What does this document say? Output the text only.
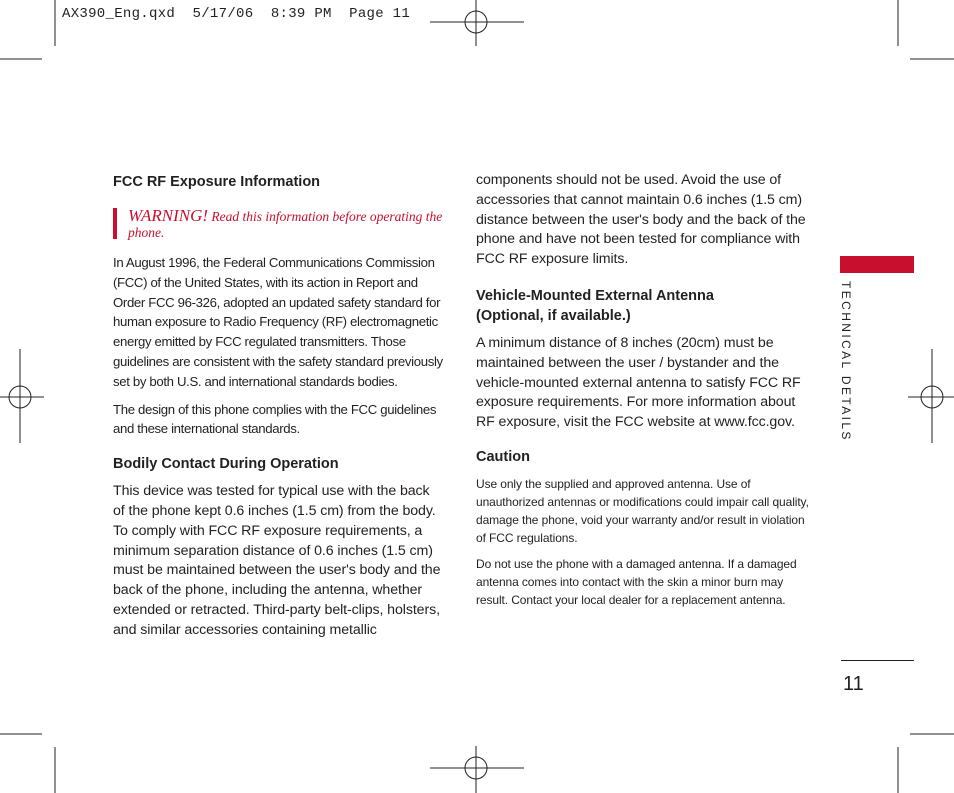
AX390_Eng.qxd  5/17/06  8:39 PM  Page 11
FCC RF Exposure Information
WARNING! Read this information before operating the phone.

In August 1996, the Federal Communications Commission (FCC) of the United States, with its action in Report and Order FCC 96-326, adopted an updated safety standard for human exposure to Radio Frequency (RF) electromagnetic energy emitted by FCC regulated transmitters. Those guidelines are consistent with the safety standard previously set by both U.S. and international standards bodies.

The design of this phone complies with the FCC guidelines and these international standards.

Bodily Contact During Operation

This device was tested for typical use with the back of the phone kept 0.6 inches (1.5 cm) from the body. To comply with FCC RF exposure requirements, a minimum separation distance of 0.6 inches (1.5 cm) must be maintained between the user's body and the back of the phone, including the antenna, whether extended or retracted. Third-party belt-clips, holsters, and similar accessories containing metallic

components should not be used. Avoid the use of accessories that cannot maintain 0.6 inches (1.5 cm) distance between the user's body and the back of the phone and have not been tested for compliance with FCC RF exposure limits.

Vehicle-Mounted External Antenna
(Optional, if available.)

A minimum distance of 8 inches (20cm) must be maintained between the user / bystander and the vehicle-mounted external antenna to satisfy FCC RF exposure requirements. For more information about RF exposure, visit the FCC website at www.fcc.gov.

Caution

Use only the supplied and approved antenna. Use of unauthorized antennas or modifications could impair call quality, damage the phone, void your warranty and/or result in violation of FCC regulations.

Do not use the phone with a damaged antenna. If a damaged antenna comes into contact with the skin a minor burn may result. Contact your local dealer for a replacement antenna.

TECHNICAL DETAILS
11
